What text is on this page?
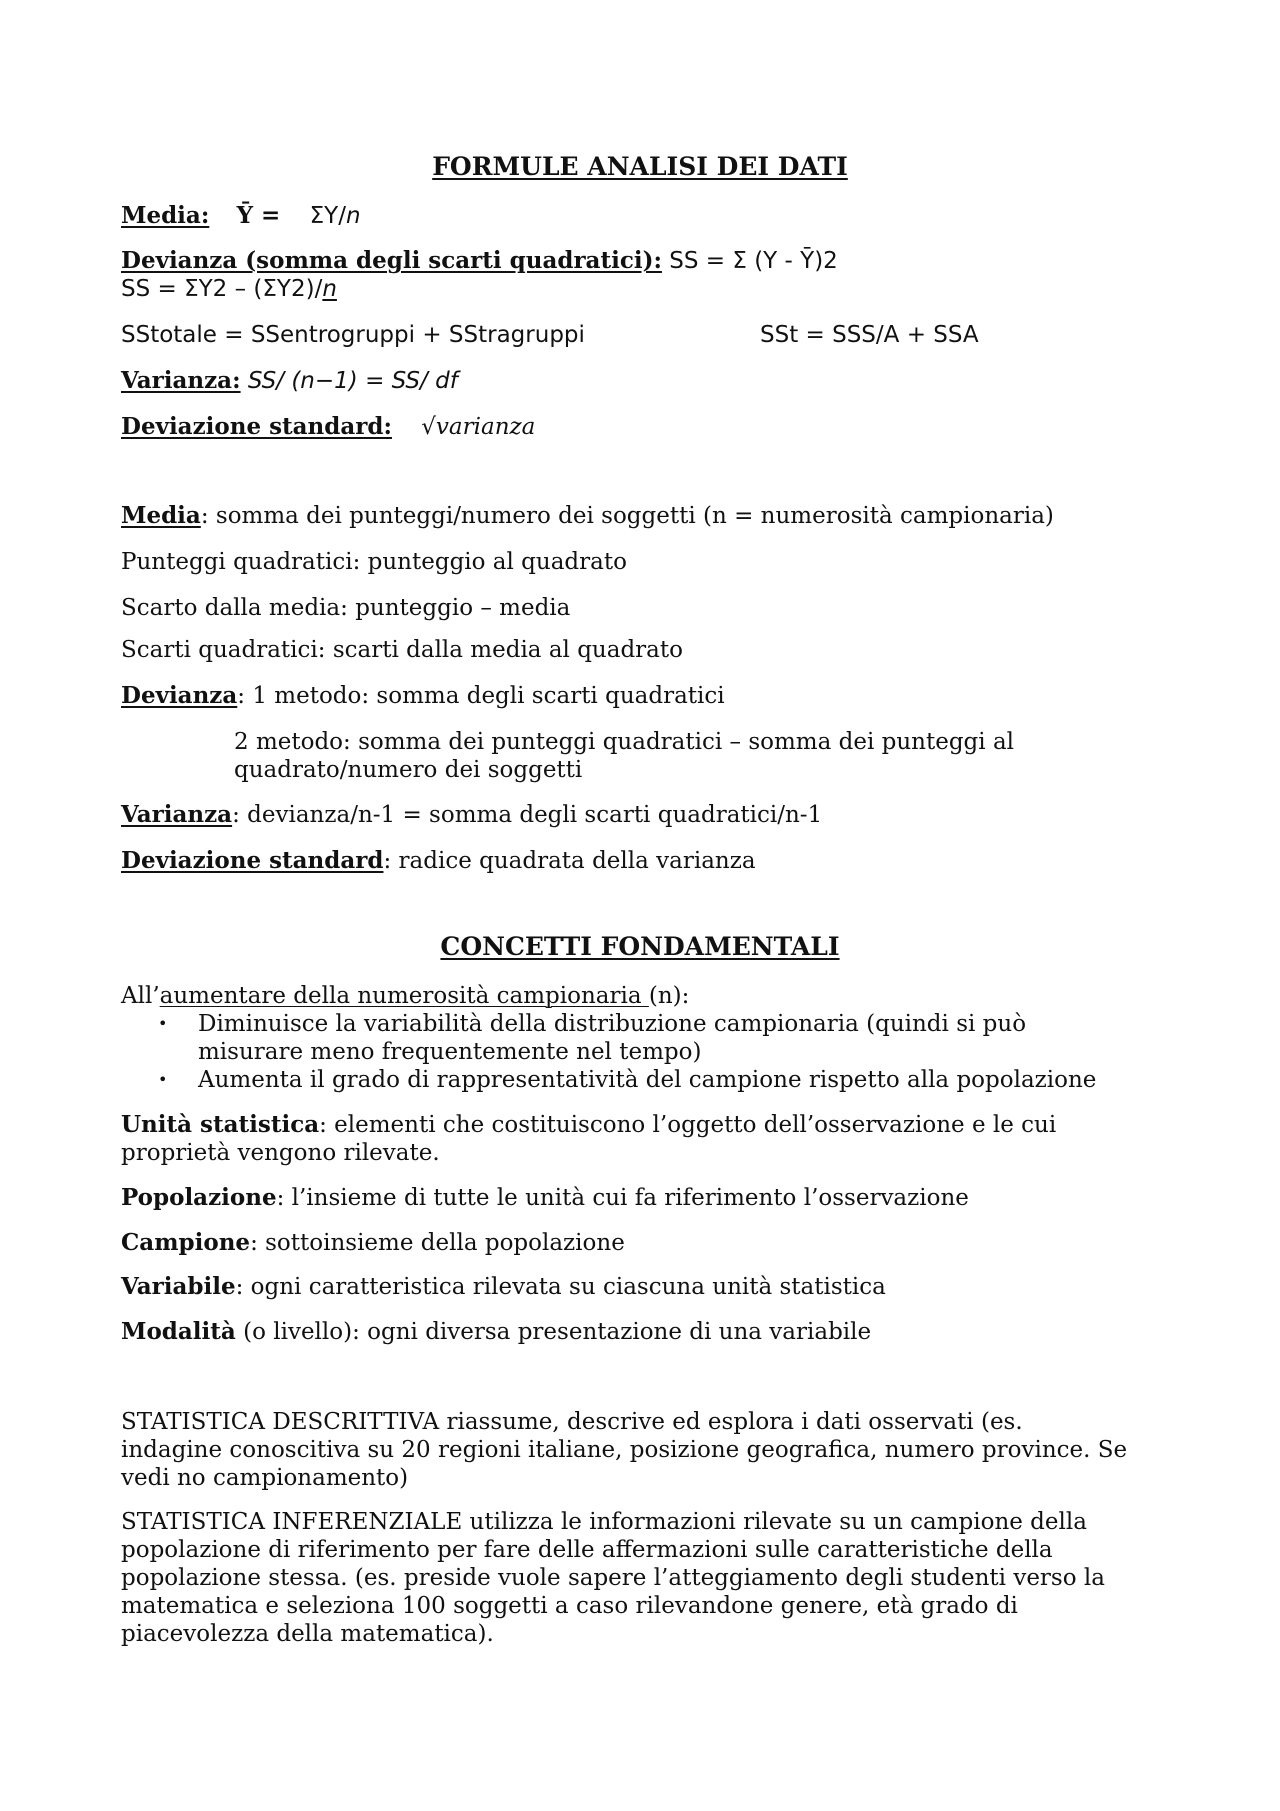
FORMULE ANALISI DEI DATI
Media: Ȳ = ΣY/n
Devianza (somma degli scarti quadratici): SS = Σ (Y - Ȳ)2
SS = ΣY2 – (ΣY2)/n
SStotale = SSentrogruppi + SStragruppi	SSt = SSS/A + SSA
Varianza: SS/ (n−1) = SS/ df
Deviazione standard: √varianza
Media: somma dei punteggi/numero dei soggetti (n = numerosità campionaria)
Punteggi quadratici: punteggio al quadrato
Scarto dalla media: punteggio – media
Scarti quadratici: scarti dalla media al quadrato
Devianza: 1 metodo: somma degli scarti quadratici
2 metodo: somma dei punteggi quadratici – somma dei punteggi al
quadrato/numero dei soggetti
Varianza: devianza/n-1 = somma degli scarti quadratici/n-1
Deviazione standard: radice quadrata della varianza
CONCETTI FONDAMENTALI
All’aumentare della numerosità campionaria (n):
• Diminuisce la variabilità della distribuzione campionaria (quindi si può
misurare meno frequentemente nel tempo)
• Aumenta il grado di rappresentatività del campione rispetto alla popolazione
Unità statistica: elementi che costituiscono l’oggetto dell’osservazione e le cui
proprietà vengono rilevate.
Popolazione: l’insieme di tutte le unità cui fa riferimento l’osservazione
Campione: sottoinsieme della popolazione
Variabile: ogni caratteristica rilevata su ciascuna unità statistica
Modalità (o livello): ogni diversa presentazione di una variabile
STATISTICA DESCRITTIVA riassume, descrive ed esplora i dati osservati (es.
indagine conoscitiva su 20 regioni italiane, posizione geografica, numero province. Se
vedi no campionamento)
STATISTICA INFERENZIALE utilizza le informazioni rilevate su un campione della
popolazione di riferimento per fare delle affermazioni sulle caratteristiche della
popolazione stessa. (es. preside vuole sapere l’atteggiamento degli studenti verso la
matematica e seleziona 100 soggetti a caso rilevandone genere, età grado di
piacevolezza della matematica).
